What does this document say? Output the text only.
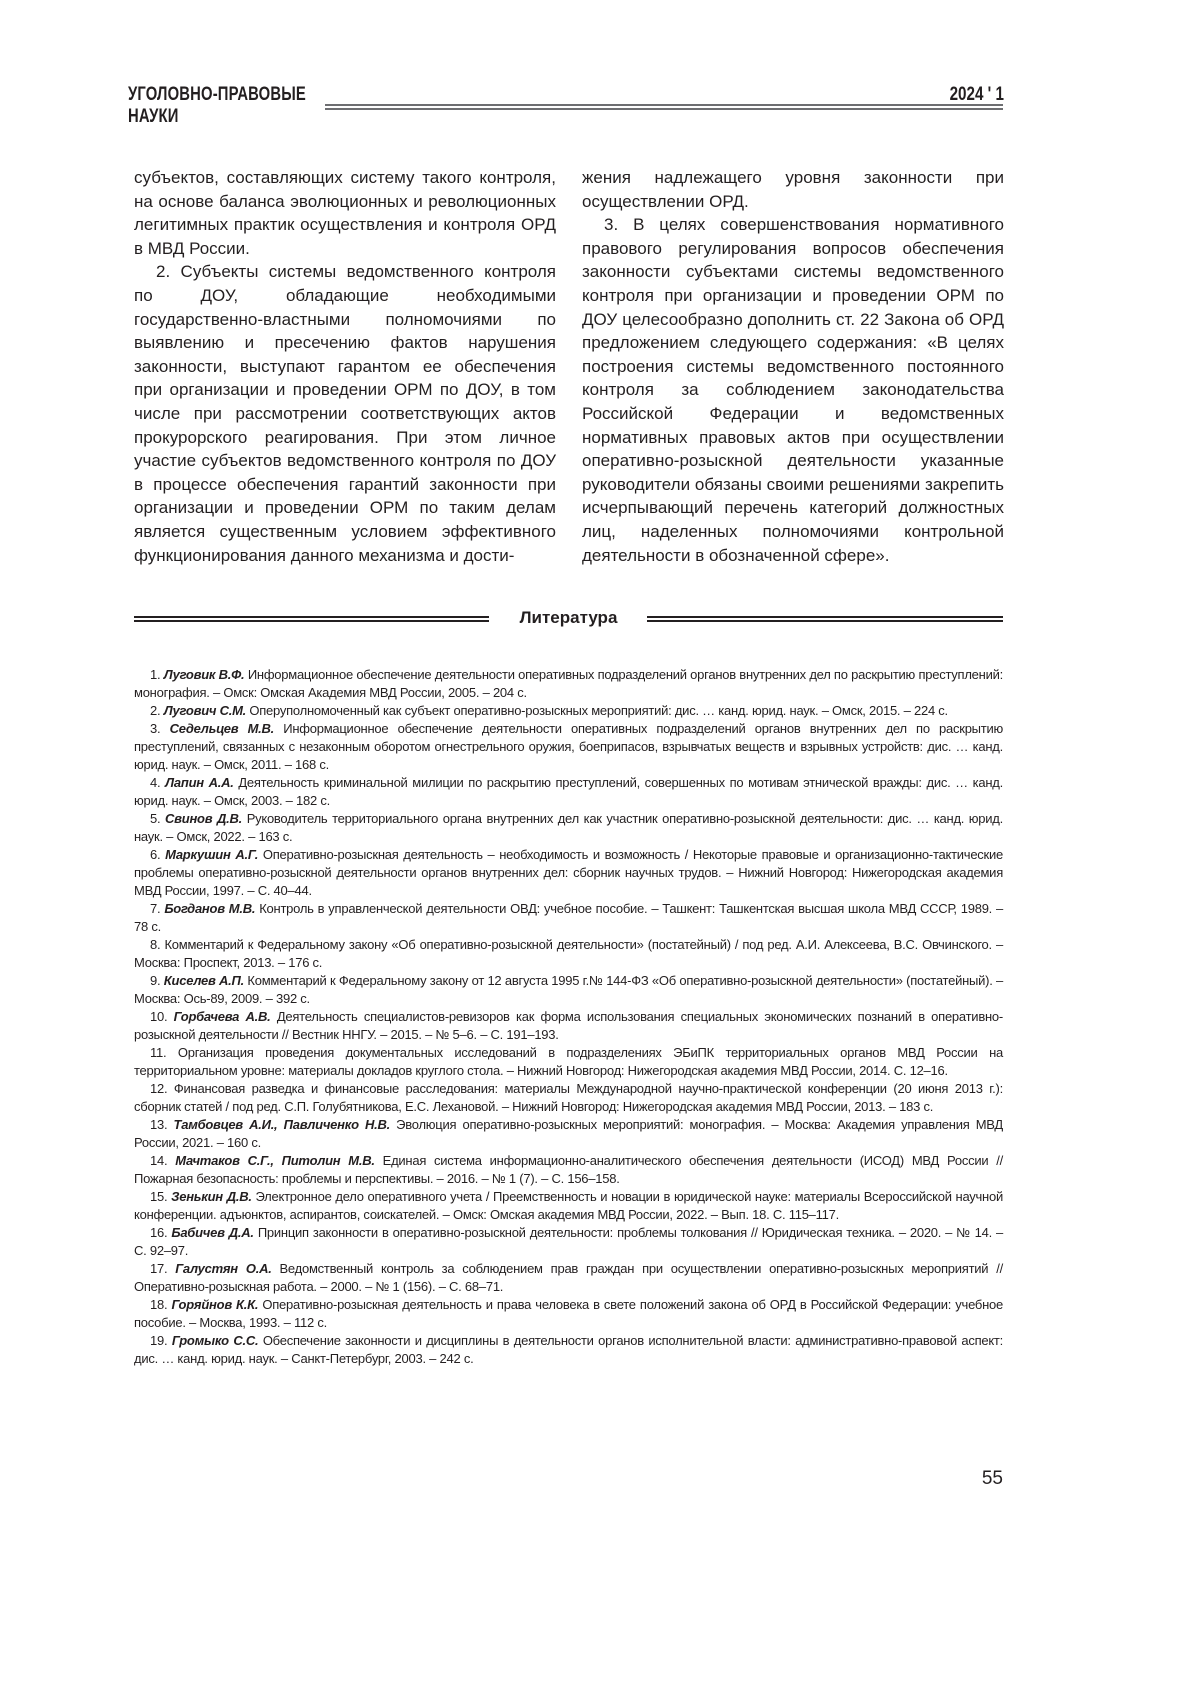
УГОЛОВНО-ПРАВОВЫЕ
НАУКИ
2024 ' 1

субъектов, составляющих систему такого контроля, на основе баланса эволюционных и революционных легитимных практик осуществления и контроля ОРД в МВД России.

2. Субъекты системы ведомственного контроля по ДОУ, обладающие необходимыми государственно-властными полномочиями по выявлению и пресечению фактов нарушения законности, выступают гарантом ее обеспечения при организации и проведении ОРМ по ДОУ, в том числе при рассмотрении соответствующих актов прокурорского реагирования. При этом личное участие субъектов ведомственного контроля по ДОУ в процессе обеспечения гарантий законности при организации и проведении ОРМ по таким делам является существенным условием эффективного функционирования данного механизма и дости-

жения надлежащего уровня законности при осуществлении ОРД.

3. В целях совершенствования нормативного правового регулирования вопросов обеспечения законности субъектами системы ведомственного контроля при организации и проведении ОРМ по ДОУ целесообразно дополнить ст. 22 Закона об ОРД предложением следующего содержания: «В целях построения системы ведомственного постоянного контроля за соблюдением законодательства Российской Федерации и ведомственных нормативных правовых актов при осуществлении оперативно-розыскной деятельности указанные руководители обязаны своими решениями закрепить исчерпывающий перечень категорий должностных лиц, наделенных полномочиями контрольной деятельности в обозначенной сфере».

Литература

1. Луговик В.Ф. Информационное обеспечение деятельности оперативных подразделений органов внутренних дел по раскрытию преступлений: монография. – Омск: Омская Академия МВД России, 2005. – 204 с.

2. Лугович С.М. Оперуполномоченный как субъект оперативно-розыскных мероприятий: дис. … канд. юрид. наук. – Омск, 2015. – 224 с.

3. Седельцев М.В. Информационное обеспечение деятельности оперативных подразделений органов внутренних дел по раскрытию преступлений, связанных с незаконным оборотом огнестрельного оружия, боеприпасов, взрывчатых веществ и взрывных устройств: дис. … канд. юрид. наук. – Омск, 2011. – 168 с.

4. Лапин А.А. Деятельность криминальной милиции по раскрытию преступлений, совершенных по мотивам этнической вражды: дис. … канд. юрид. наук. – Омск, 2003. – 182 с.

5. Свинов Д.В. Руководитель территориального органа внутренних дел как участник оперативно-розыскной деятельности: дис. … канд. юрид. наук. – Омск, 2022. – 163 с.

6. Маркушин А.Г. Оперативно-розыскная деятельность – необходимость и возможность / Некоторые правовые и организационно-тактические проблемы оперативно-розыскной деятельности органов внутренних дел: сборник научных трудов. – Нижний Новгород: Нижегородская академия МВД России, 1997. – С. 40–44.

7. Богданов М.В. Контроль в управленческой деятельности ОВД: учебное пособие. – Ташкент: Ташкентская высшая школа МВД СССР, 1989. – 78 с.

8. Комментарий к Федеральному закону «Об оперативно-розыскной деятельности» (постатейный) / под ред. А.И. Алексеева, В.С. Овчинского. – Москва: Проспект, 2013. – 176 с.

9. Киселев А.П. Комментарий к Федеральному закону от 12 августа 1995 г.№ 144-ФЗ «Об оперативно-розыскной деятельности» (постатейный). – Москва: Ось-89, 2009. – 392 с.

10. Горбачева А.В. Деятельность специалистов-ревизоров как форма использования специальных экономических познаний в оперативно-розыскной деятельности // Вестник ННГУ. – 2015. – № 5–6. – С. 191–193.

11. Организация проведения документальных исследований в подразделениях ЭБиПК территориальных органов МВД России на территориальном уровне: материалы докладов круглого стола. – Нижний Новгород: Нижегородская академия МВД России, 2014. С. 12–16.

12. Финансовая разведка и финансовые расследования: материалы Международной научно-практической конференции (20 июня 2013 г.): сборник статей / под ред. С.П. Голубятникова, Е.С. Лехановой. – Нижний Новгород: Нижегородская академия МВД России, 2013. – 183 с.

13. Тамбовцев А.И., Павличенко Н.В. Эволюция оперативно-розыскных мероприятий: монография. – Москва: Академия управления МВД России, 2021. – 160 с.

14. Мачтаков С.Г., Питолин М.В. Единая система информационно-аналитического обеспечения деятельности (ИСОД) МВД России // Пожарная безопасность: проблемы и перспективы. – 2016. – № 1 (7). – С. 156–158.

15. Зенькин Д.В. Электронное дело оперативного учета / Преемственность и новации в юридической науке: материалы Всероссийской научной конференции. адъюнктов, аспирантов, соискателей. – Омск: Омская академия МВД России, 2022. – Вып. 18. С. 115–117.

16. Бабичев Д.А. Принцип законности в оперативно-розыскной деятельности: проблемы толкования // Юридическая техника. – 2020. – № 14. – С. 92–97.

17. Галустян О.А. Ведомственный контроль за соблюдением прав граждан при осуществлении оперативно-розыскных мероприятий // Оперативно-розыскная работа. – 2000. – № 1 (156). – С. 68–71.

18. Горяйнов К.К. Оперативно-розыскная деятельность и права человека в свете положений закона об ОРД в Российской Федерации: учебное пособие. – Москва, 1993. – 112 с.

19. Громыко С.С. Обеспечение законности и дисциплины в деятельности органов исполнительной власти: административно-правовой аспект: дис. … канд. юрид. наук. – Санкт-Петербург, 2003. – 242 с.

55
